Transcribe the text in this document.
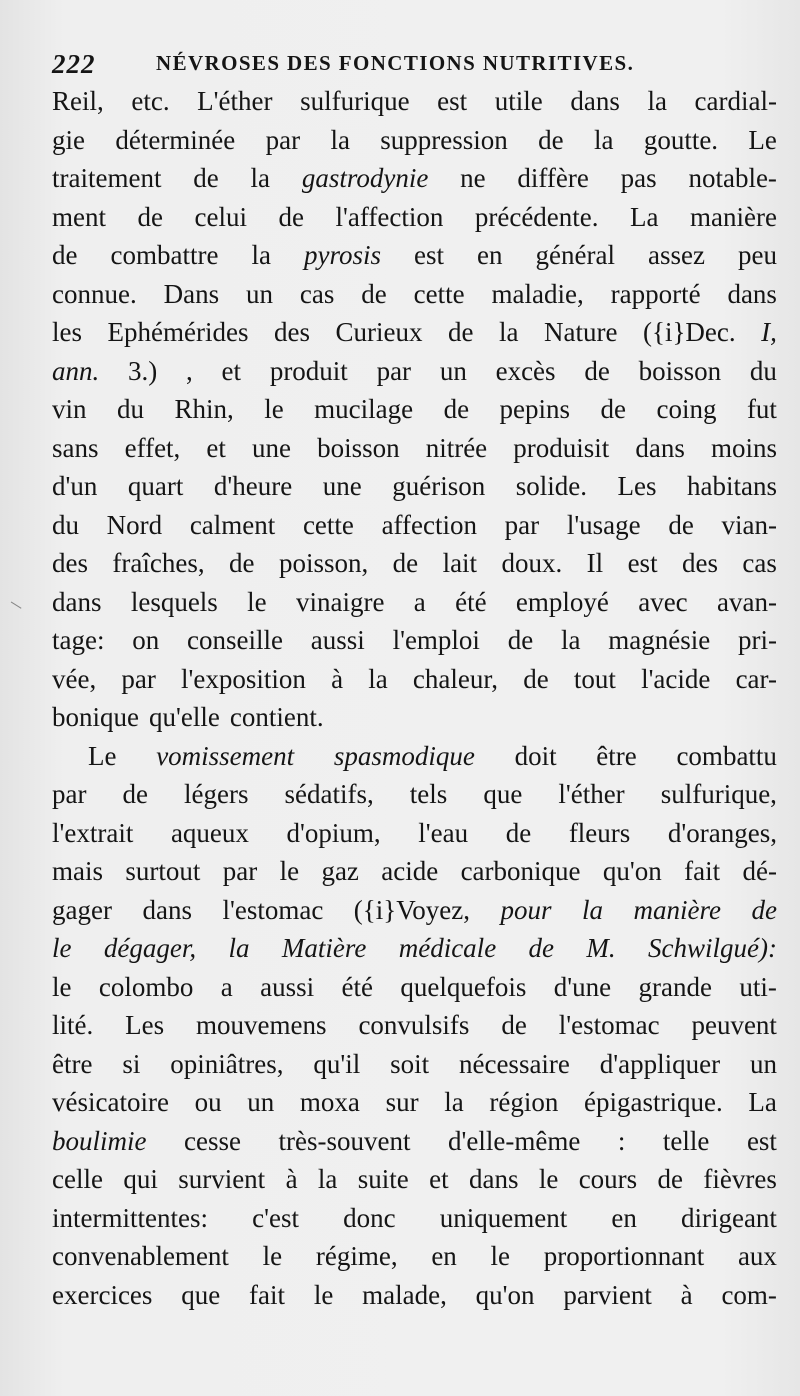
222	NÉVROSES DES FONCTIONS NUTRITIVES.
Reil, etc. L'éther sulfurique est utile dans la cardial-
gie déterminée par la suppression de la goutte. Le
traitement de la gastrodynie ne diffère pas notable-
ment de celui de l'affection précédente. La manière
de combattre la pyrosis est en général assez peu
connue. Dans un cas de cette maladie, rapporté dans
les Ephémérides des Curieux de la Nature ({i}Dec. I,
ann. 3.) , et produit par un excès de boisson du
vin du Rhin, le mucilage de pepins de coing fut
sans effet, et une boisson nitrée produisit dans moins
d'un quart d'heure une guérison solide. Les habitans
du Nord calment cette affection par l'usage de vian-
des fraîches, de poisson, de lait doux. Il est des cas
dans lesquels le vinaigre a été employé avec avan-
tage: on conseille aussi l'emploi de la magnésie pri-
vée, par l'exposition à la chaleur, de tout l'acide car-
bonique qu'elle contient.
Le vomissement spasmodique doit être combattu
par de légers sédatifs, tels que l'éther sulfurique,
l'extrait aqueux d'opium, l'eau de fleurs d'oranges,
mais surtout par le gaz acide carbonique qu'on fait dé-
gager dans l'estomac ({i}Voyez, pour la manière de
le dégager, la Matière médicale de M. Schwilgué):
le colombo a aussi été quelquefois d'une grande uti-
lité. Les mouvemens convulsifs de l'estomac peuvent
être si opiniâtres, qu'il soit nécessaire d'appliquer un
vésicatoire ou un moxa sur la région épigastrique. La
boulimie cesse très-souvent d'elle-même : telle est
celle qui survient à la suite et dans le cours de fièvres
intermittentes: c'est donc uniquement en dirigeant
convenablement le régime, en le proportionnant aux
exercices que fait le malade, qu'on parvient à com-
